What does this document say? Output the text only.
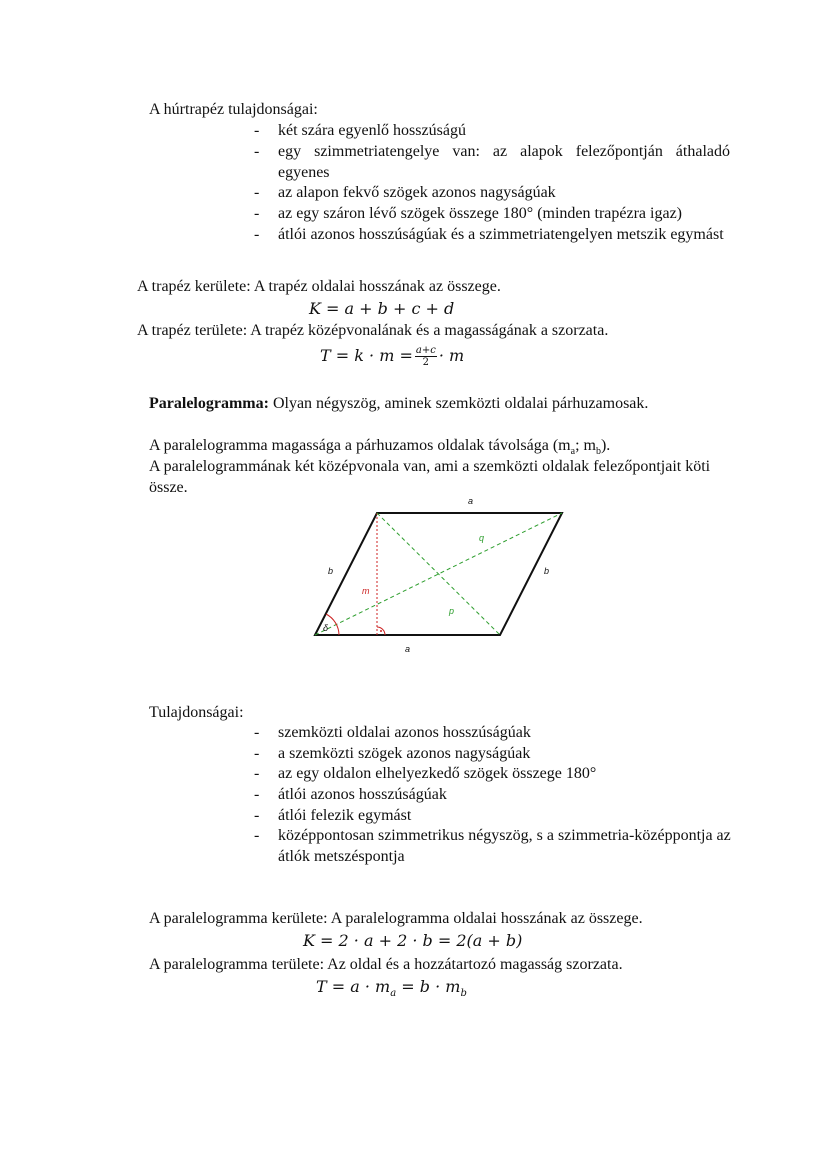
A húrtrapéz tulajdonságai:
- két szára egyenlő hosszúságú
- egy szimmetriatengelye van: az alapok felezőpontján áthaladó egyenes
- az alapon fekvő szögek azonos nagyságúak
- az egy száron lévő szögek összege 180° (minden trapézra igaz)
- átlói azonos hosszúságúak és a szimmetriatengelyen metszik egymást
A trapéz kerülete: A trapéz oldalai hosszának az összege.
K = a + b + c + d
A trapéz területe: A trapéz középvonalának és a magasságának a szorzata.
$T = k \cdot m = \frac{a+c}{2} \cdot m$
Paralelogramma: Olyan négyszög, aminek szemközti oldalai párhuzamosak.
A paralelogramma magassága a párhuzamos oldalak távolsága ($m_a$; $m_b$).
A paralelogrammának két középvonala van, ami a szemközti oldalak felezőpontjait köti össze.
a
a
b	b
m
q
p
δ
Tulajdonságai:
- szemközti oldalai azonos hosszúságúak
- a szemközti szögek azonos nagyságúak
- az egy oldalon elhelyezkedő szögek összege 180°
- átlói azonos hosszúságúak
- átlói felezik egymást
- középpontosan szimmetrikus négyszög, s a szimmetria-középpontja az átlók metszéspontja
A paralelogramma kerülete: A paralelogramma oldalai hosszának az összege.
K = 2 · a + 2 · b = 2(a + b)
A paralelogramma területe: Az oldal és a hozzátartozó magasság szorzata.
$T = a \cdot m_a = b \cdot m_b$
